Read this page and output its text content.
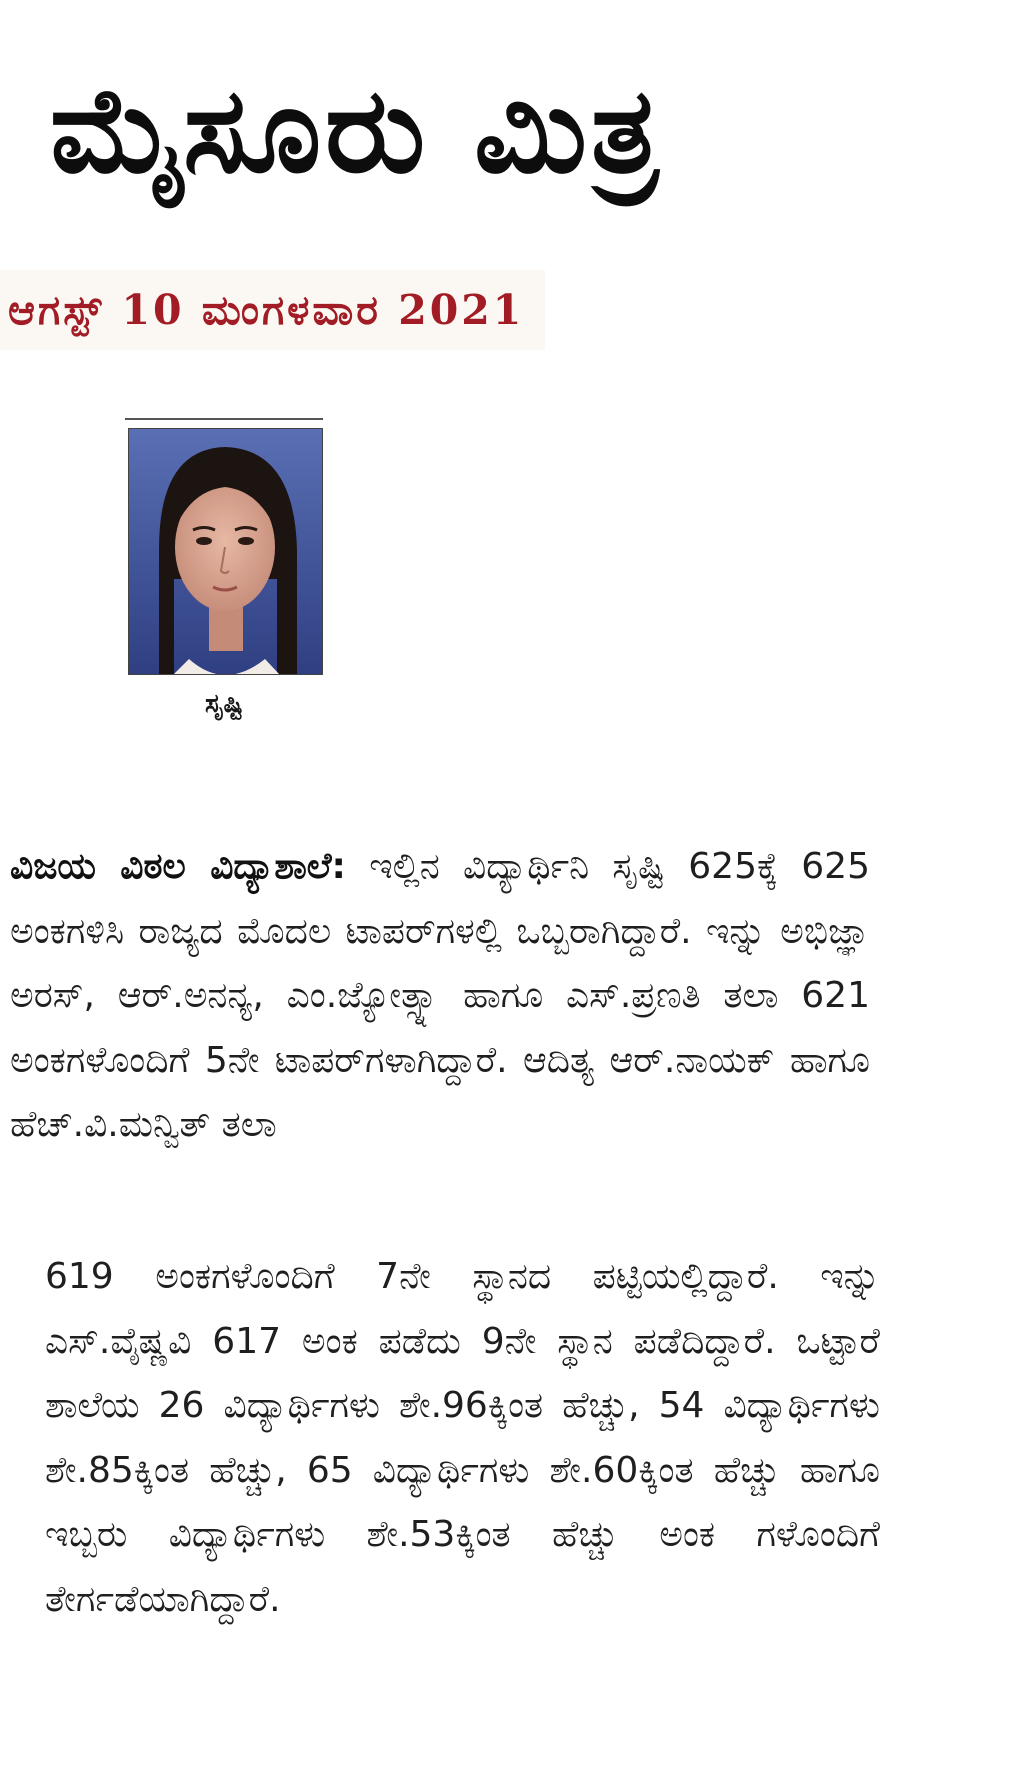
ಮೈಸೂರು ಮಿತ್ರ
ಆಗಸ್ಟ್ 10 ಮಂಗಳವಾರ 2021
ಸೃಷ್ಟಿ

ವಿಜಯ ವಿಠಲ ವಿದ್ಯಾಶಾಲೆ: ಇಲ್ಲಿನ ವಿದ್ಯಾರ್ಥಿನಿ ಸೃಷ್ಟಿ 625ಕ್ಕೆ 625 ಅಂಕಗಳಿಸಿ ರಾಜ್ಯದ ಮೊದಲ ಟಾಪರ್‌ಗಳಲ್ಲಿ ಒಬ್ಬರಾಗಿದ್ದಾರೆ. ಇನ್ನು ಅಭಿಜ್ಞಾ ಅರಸ್, ಆರ್.ಅನನ್ಯ, ಎಂ.ಜ್ಯೋತ್ಸ್ನಾ ಹಾಗೂ ಎಸ್.ಪ್ರಣತಿ ತಲಾ 621 ಅಂಕಗಳೊಂದಿಗೆ 5ನೇ ಟಾಪರ್‌ಗಳಾಗಿದ್ದಾರೆ. ಆದಿತ್ಯ ಆರ್.ನಾಯಕ್ ಹಾಗೂ ಹೆಚ್.ವಿ.ಮನ್ವಿತ್ ತಲಾ

619 ಅಂಕಗಳೊಂದಿಗೆ 7ನೇ ಸ್ಥಾನದ ಪಟ್ಟಿಯಲ್ಲಿದ್ದಾರೆ. ಇನ್ನು ಎಸ್.ವೈಷ್ಣವಿ 617 ಅಂಕ ಪಡೆದು 9ನೇ ಸ್ಥಾನ ಪಡೆದಿದ್ದಾರೆ. ಒಟ್ಟಾರೆ ಶಾಲೆಯ 26 ವಿದ್ಯಾರ್ಥಿಗಳು ಶೇ.96ಕ್ಕಿಂತ ಹೆಚ್ಚು, 54 ವಿದ್ಯಾರ್ಥಿಗಳು ಶೇ.85ಕ್ಕಿಂತ ಹೆಚ್ಚು, 65 ವಿದ್ಯಾರ್ಥಿಗಳು ಶೇ.60ಕ್ಕಿಂತ ಹೆಚ್ಚು ಹಾಗೂ ಇಬ್ಬರು ವಿದ್ಯಾರ್ಥಿಗಳು ಶೇ.53ಕ್ಕಿಂತ ಹೆಚ್ಚು ಅಂಕ ಗಳೊಂದಿಗೆ ತೇರ್ಗಡೆಯಾಗಿದ್ದಾರೆ.
